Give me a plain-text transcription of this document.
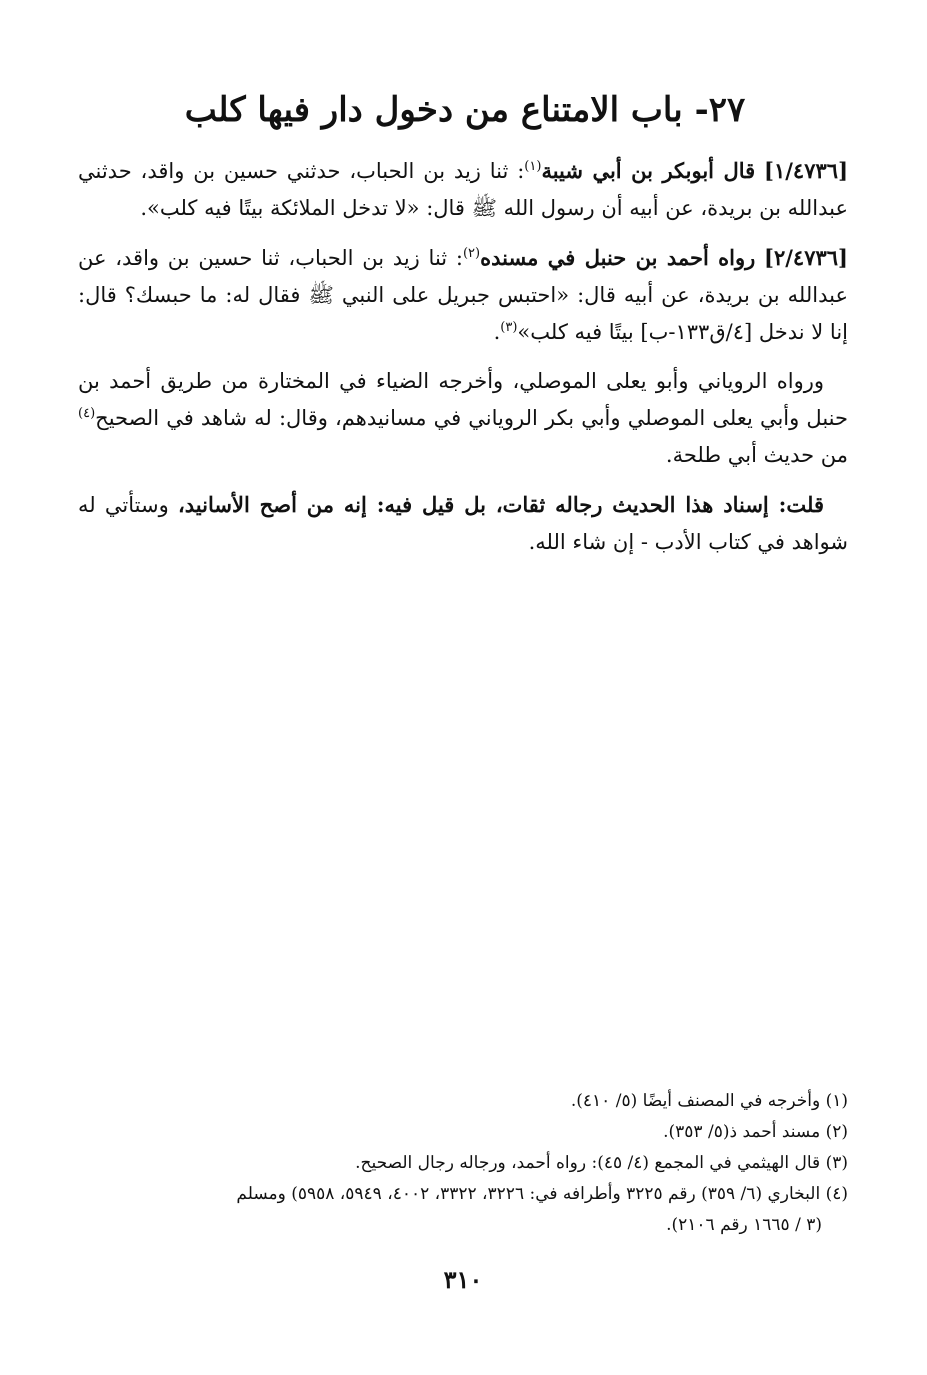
٢٧- باب الامتناع من دخول دار فيها كلب

[١/٤٧٣٦] قال أبوبكر بن أبي شيبة$^{(١)}$: ثنا زيد بن الحباب، حدثني حسين بن واقد، حدثني عبدالله بن بريدة، عن أبيه أن رسول الله ﷺ قال: «لا تدخل الملائكة بيتًا فيه كلب».

[٢/٤٧٣٦] رواه أحمد بن حنبل في مسنده$^{(٢)}$: ثنا زيد بن الحباب، ثنا حسين بن واقد، عن عبدالله بن بريدة، عن أبيه قال: «احتبس جبريل على النبي ﷺ فقال له: ما حبسك؟ قال: إنا لا ندخل [٤/ق١٣٣-ب] بيتًا فيه كلب»$^{(٣)}$.

ورواه الروياني وأبو يعلى الموصلي، وأخرجه الضياء في المختارة من طريق أحمد بن حنبل وأبي يعلى الموصلي وأبي بكر الروياني في مسانيدهم، وقال: له شاهد في الصحيح$^{(٤)}$ من حديث أبي طلحة.

قلت: إسناد هذا الحديث رجاله ثقات، بل قيل فيه: إنه من أصح الأسانيد، وستأتي له شواهد في كتاب الأدب - إن شاء الله.

(١) وأخرجه في المصنف أيضًا (٥/ ٤١٠).

(٢) مسند أحمد ذ(٥/ ٣٥٣).

(٣) قال الهيثمي في المجمع (٤/ ٤٥): رواه أحمد، ورجاله رجال الصحيح.

(٤) البخاري (٦/ ٣٥٩) رقم ٣٢٢٥ وأطرافه في: ٣٢٢٦، ٣٣٢٢، ٤٠٠٢، ٥٩٤٩، ٥٩٥٨) ومسلم

(٣ / ١٦٦٥ رقم ٢١٠٦).

٣١٠
